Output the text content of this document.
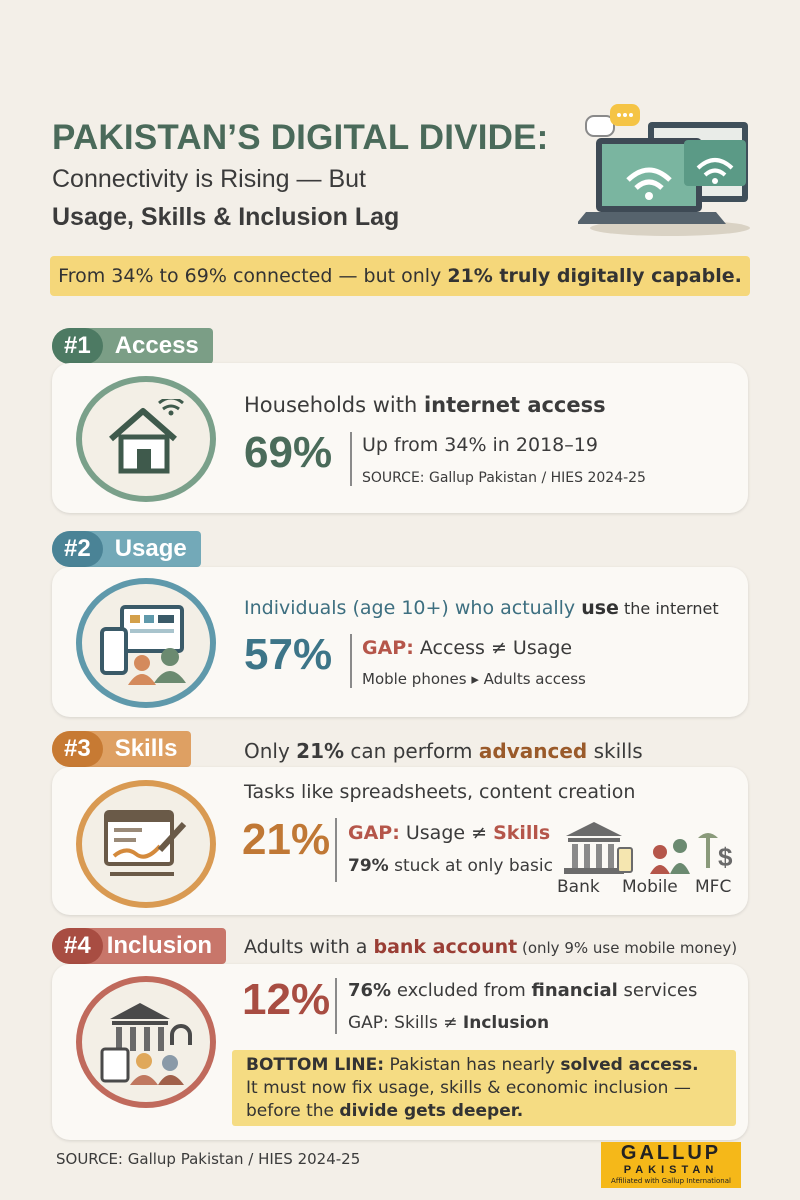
PAKISTAN’S DIGITAL DIVIDE:
Connectivity is Rising — But
Usage, Skills & Inclusion Lag
From 34% to 69% connected — but only 21% truly digitally capable.
#1	Access
Households with internet access
69% Up from 34% in 2018–19
SOURCE: Gallup Pakistan / HIES 2024-25
#2	Usage
Individuals (age 10+) who actually use the internet
57% GAP: Access ≠ Usage
Moble phones ▸ Adults access
#3	Skills	Only 21% can perform advanced skills
Tasks like spreadsheets, content creation
21% GAP: Usage ≠ Skills
79% stuck at only basic	$
Bank Mobile MFC
#4 Inclusion	Adults with a bank account (only 9% use mobile money)
12% 76% excluded from financial services
GAP: Skills ≠ Inclusion
BOTTOM LINE: Pakistan has nearly solved access.
It must now fix usage, skills & economic inclusion —
before the divide gets deeper.
SOURCE: Gallup Pakistan / HIES 2024-25	GALLUP
PAKISTAN
Affiliated with Gallup International
